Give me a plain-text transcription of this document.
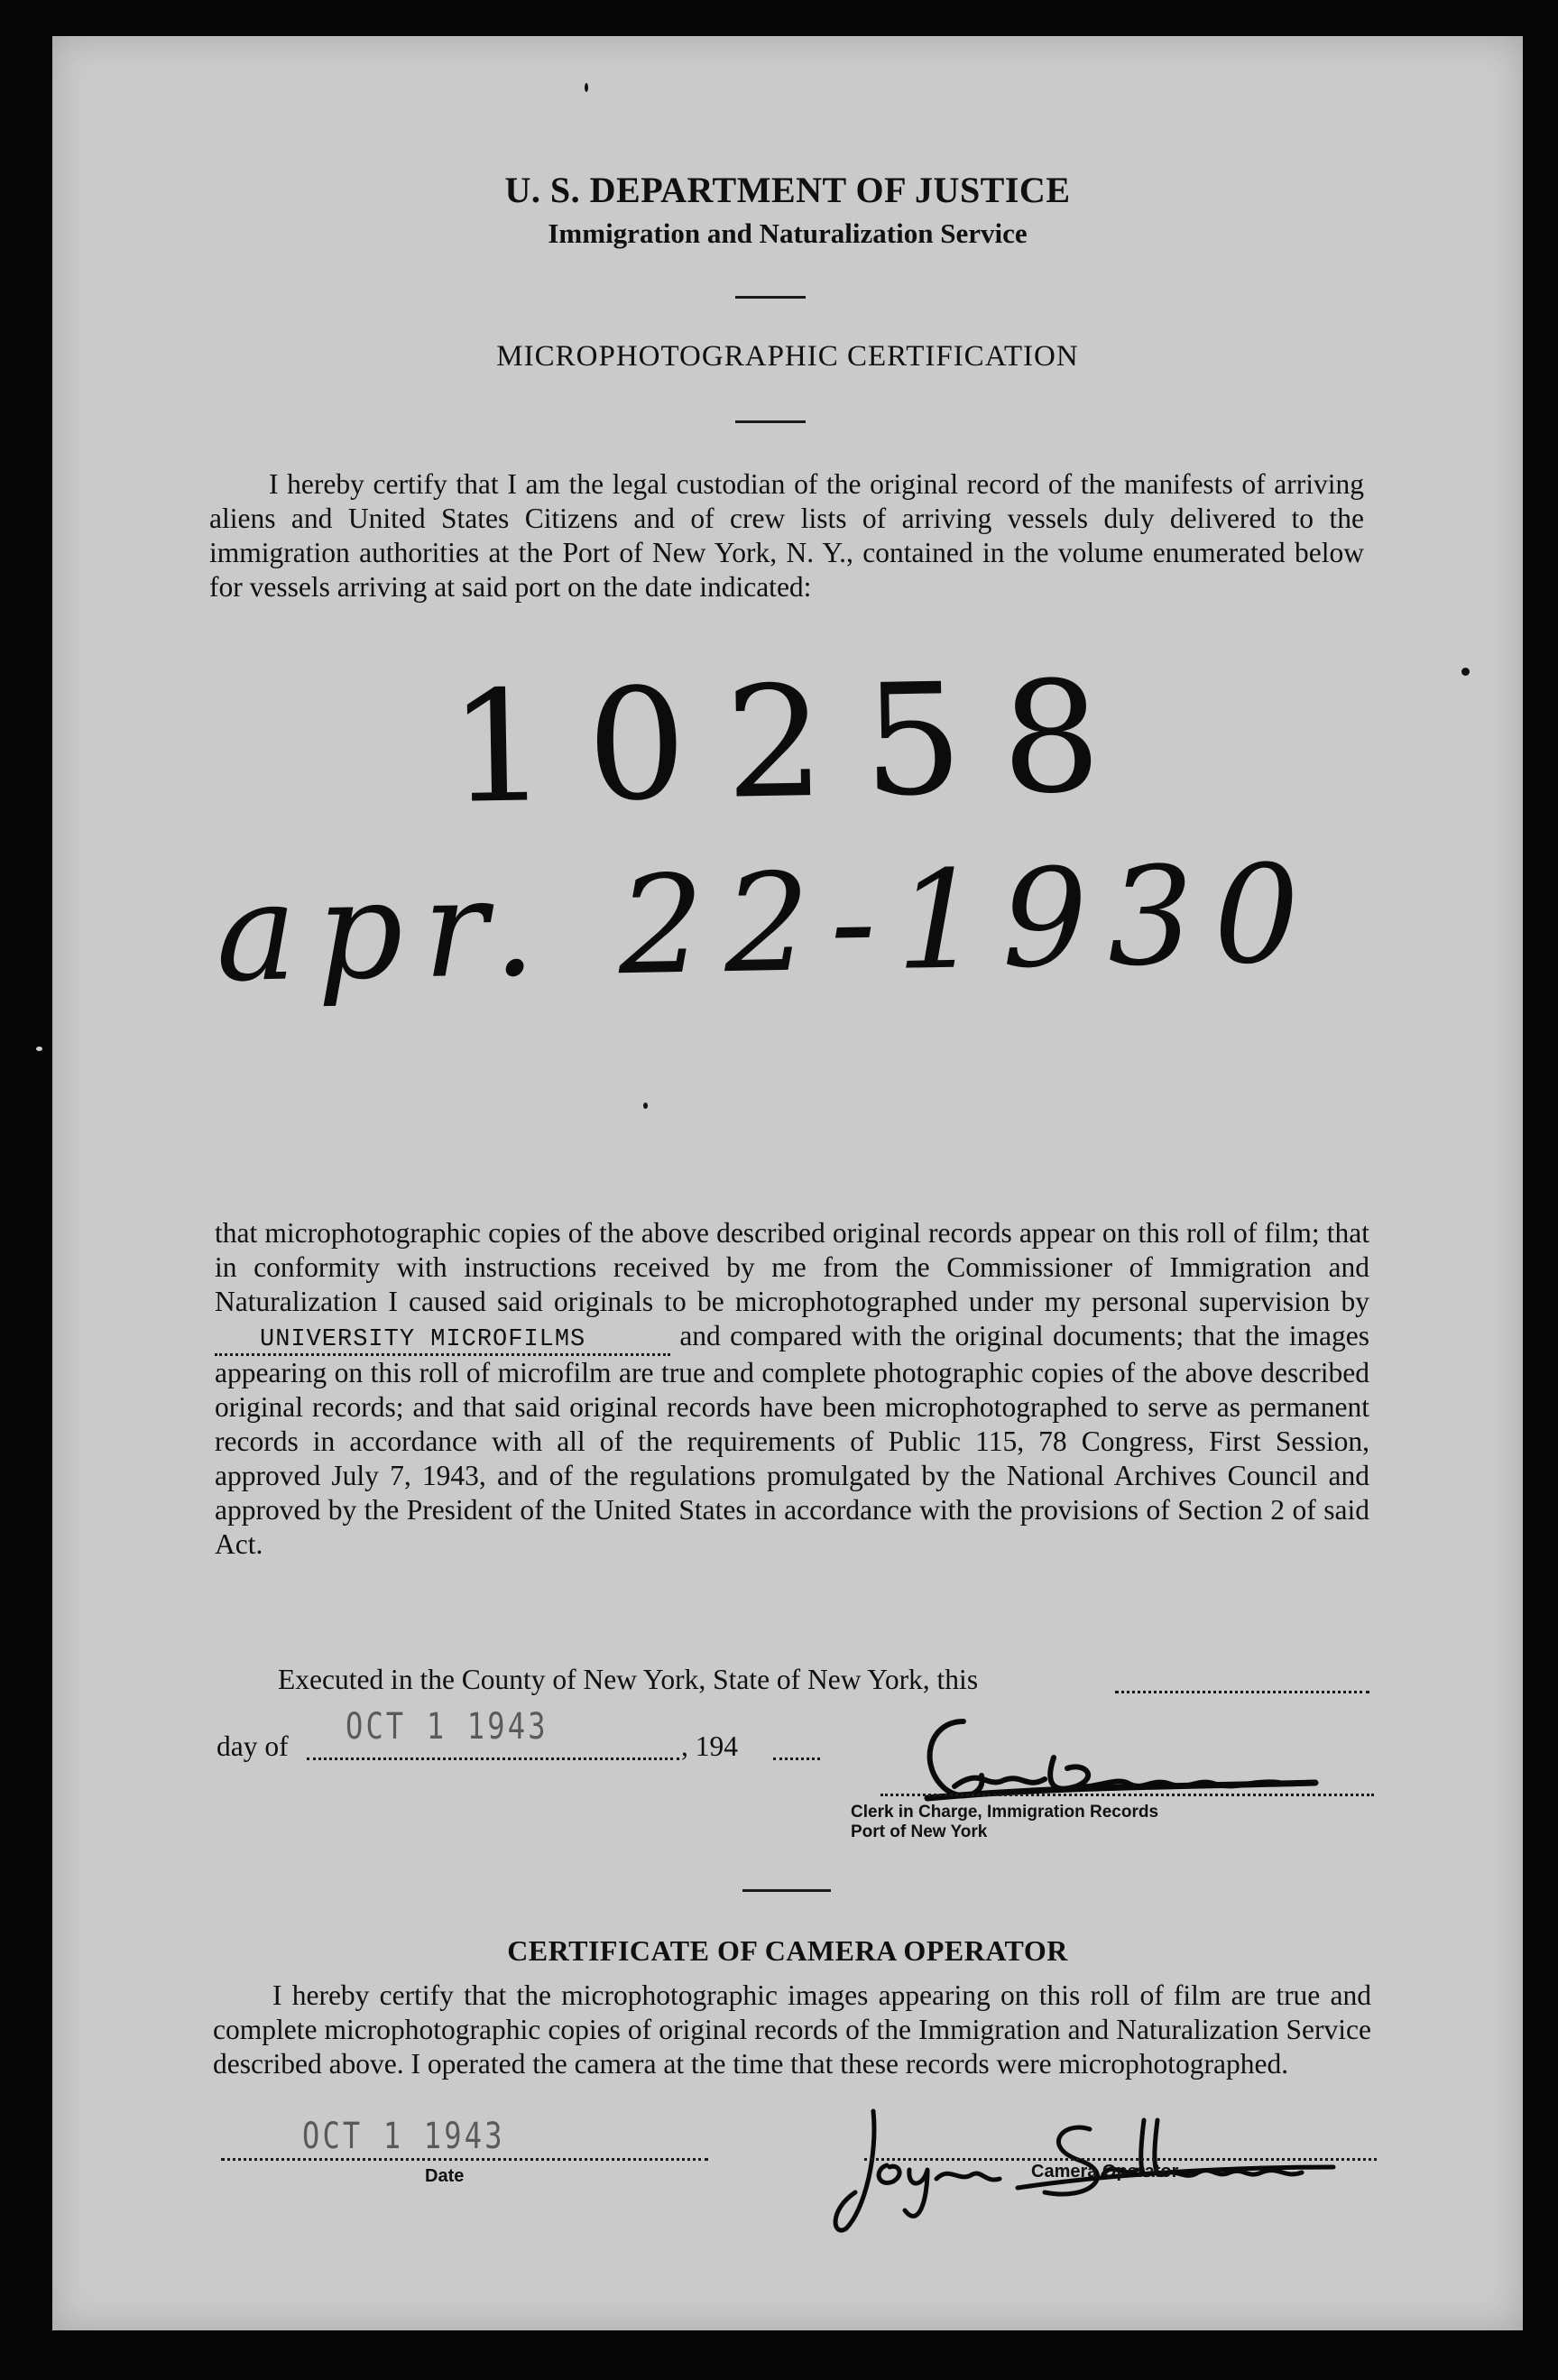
U. S. DEPARTMENT OF JUSTICE
Immigration and Naturalization Service
MICROPHOTOGRAPHIC CERTIFICATION
I hereby certify that I am the legal custodian of the original record of the manifests of arriving aliens and United States Citizens and of crew lists of arriving vessels duly delivered to the immigration authorities at the Port of New York, N. Y., contained in the volume enumerated below for vessels arriving at said port on the date indicated:
10258
apr. 22-1930
that microphotographic copies of the above described original records appear on this roll of film; that in conformity with instructions received by me from the Commissioner of Immigration and Naturalization I caused said originals to be microphotographed under my personal supervision by UNIVERSITY MICROFILMS	and compared with the original documents; that the images appearing on this roll of microfilm are true and complete photographic copies of the above described original records; and that said original records have been microphotographed to serve as permanent records in accordance with all of the requirements of Public 115, 78 Congress, First Session, approved July 7, 1943, and of the regulations promulgated by the National Archives Council and approved by the President of the United States in accordance with the provisions of Section 2 of said Act.
Executed in the County of New York, State of New York, this
day of OCT 1 1943	, 194
Clerk in Charge, Immigration Records
Port of New York
CERTIFICATE OF CAMERA OPERATOR
I hereby certify that the microphotographic images appearing on this roll of film are true and complete microphotographic copies of original records of the Immigration and Naturalization Service described above. I operated the camera at the time that these records were microphotographed.
OCT 1 1943
Date	Camera Operator
